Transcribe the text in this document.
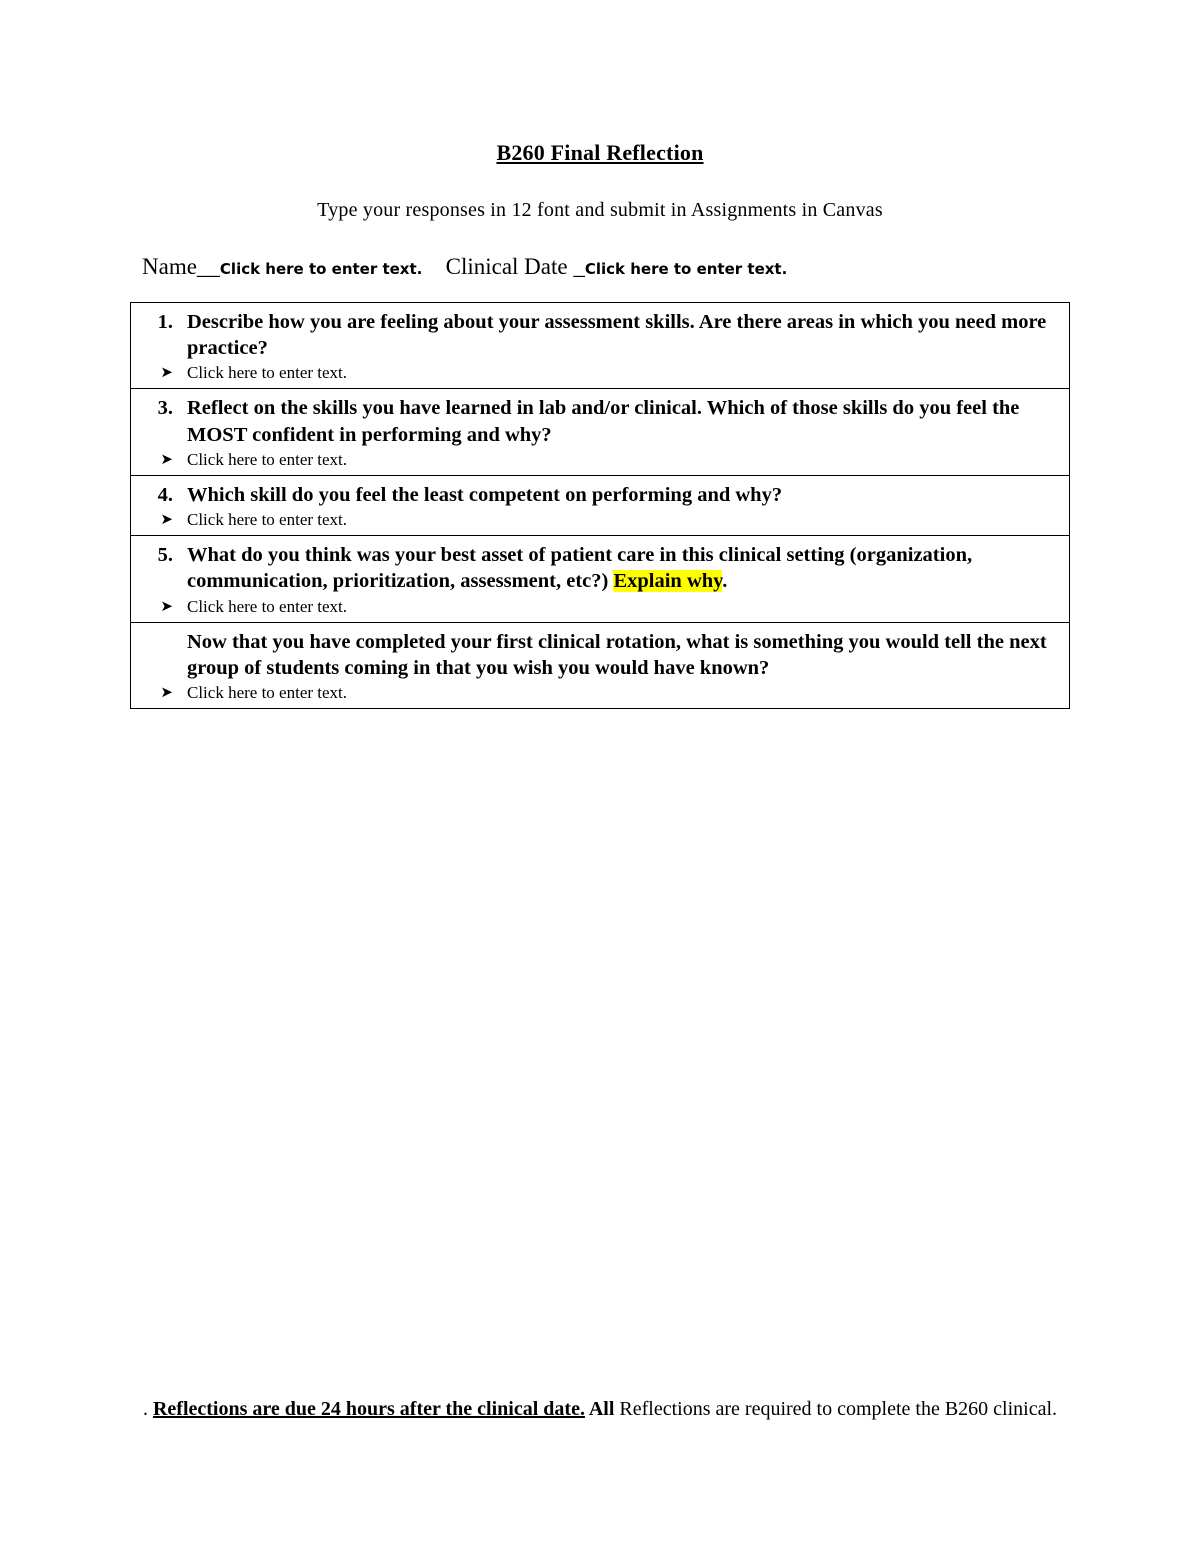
B260 Final Reflection

Type your responses in 12 font and submit in Assignments in Canvas

Name__Click here to enter text. Clinical Date _Click here to enter text.

1. Describe how you are feeling about your assessment skills. Are there areas in which you need more practice?
➤ Click here to enter text.
3. Reflect on the skills you have learned in lab and/or clinical. Which of those skills do you feel the MOST confident in performing and why?
➤ Click here to enter text.
4. Which skill do you feel the least competent on performing and why?
➤ Click here to enter text.
5. What do you think was your best asset of patient care in this clinical setting (organization, communication, prioritization, assessment, etc?) Explain why.
➤ Click here to enter text.
Now that you have completed your first clinical rotation, what is something you would tell the next group of students coming in that you wish you would have known?
➤ Click here to enter text.
. Reflections are due 24 hours after the clinical date. All Reflections are required to complete the B260 clinical.
